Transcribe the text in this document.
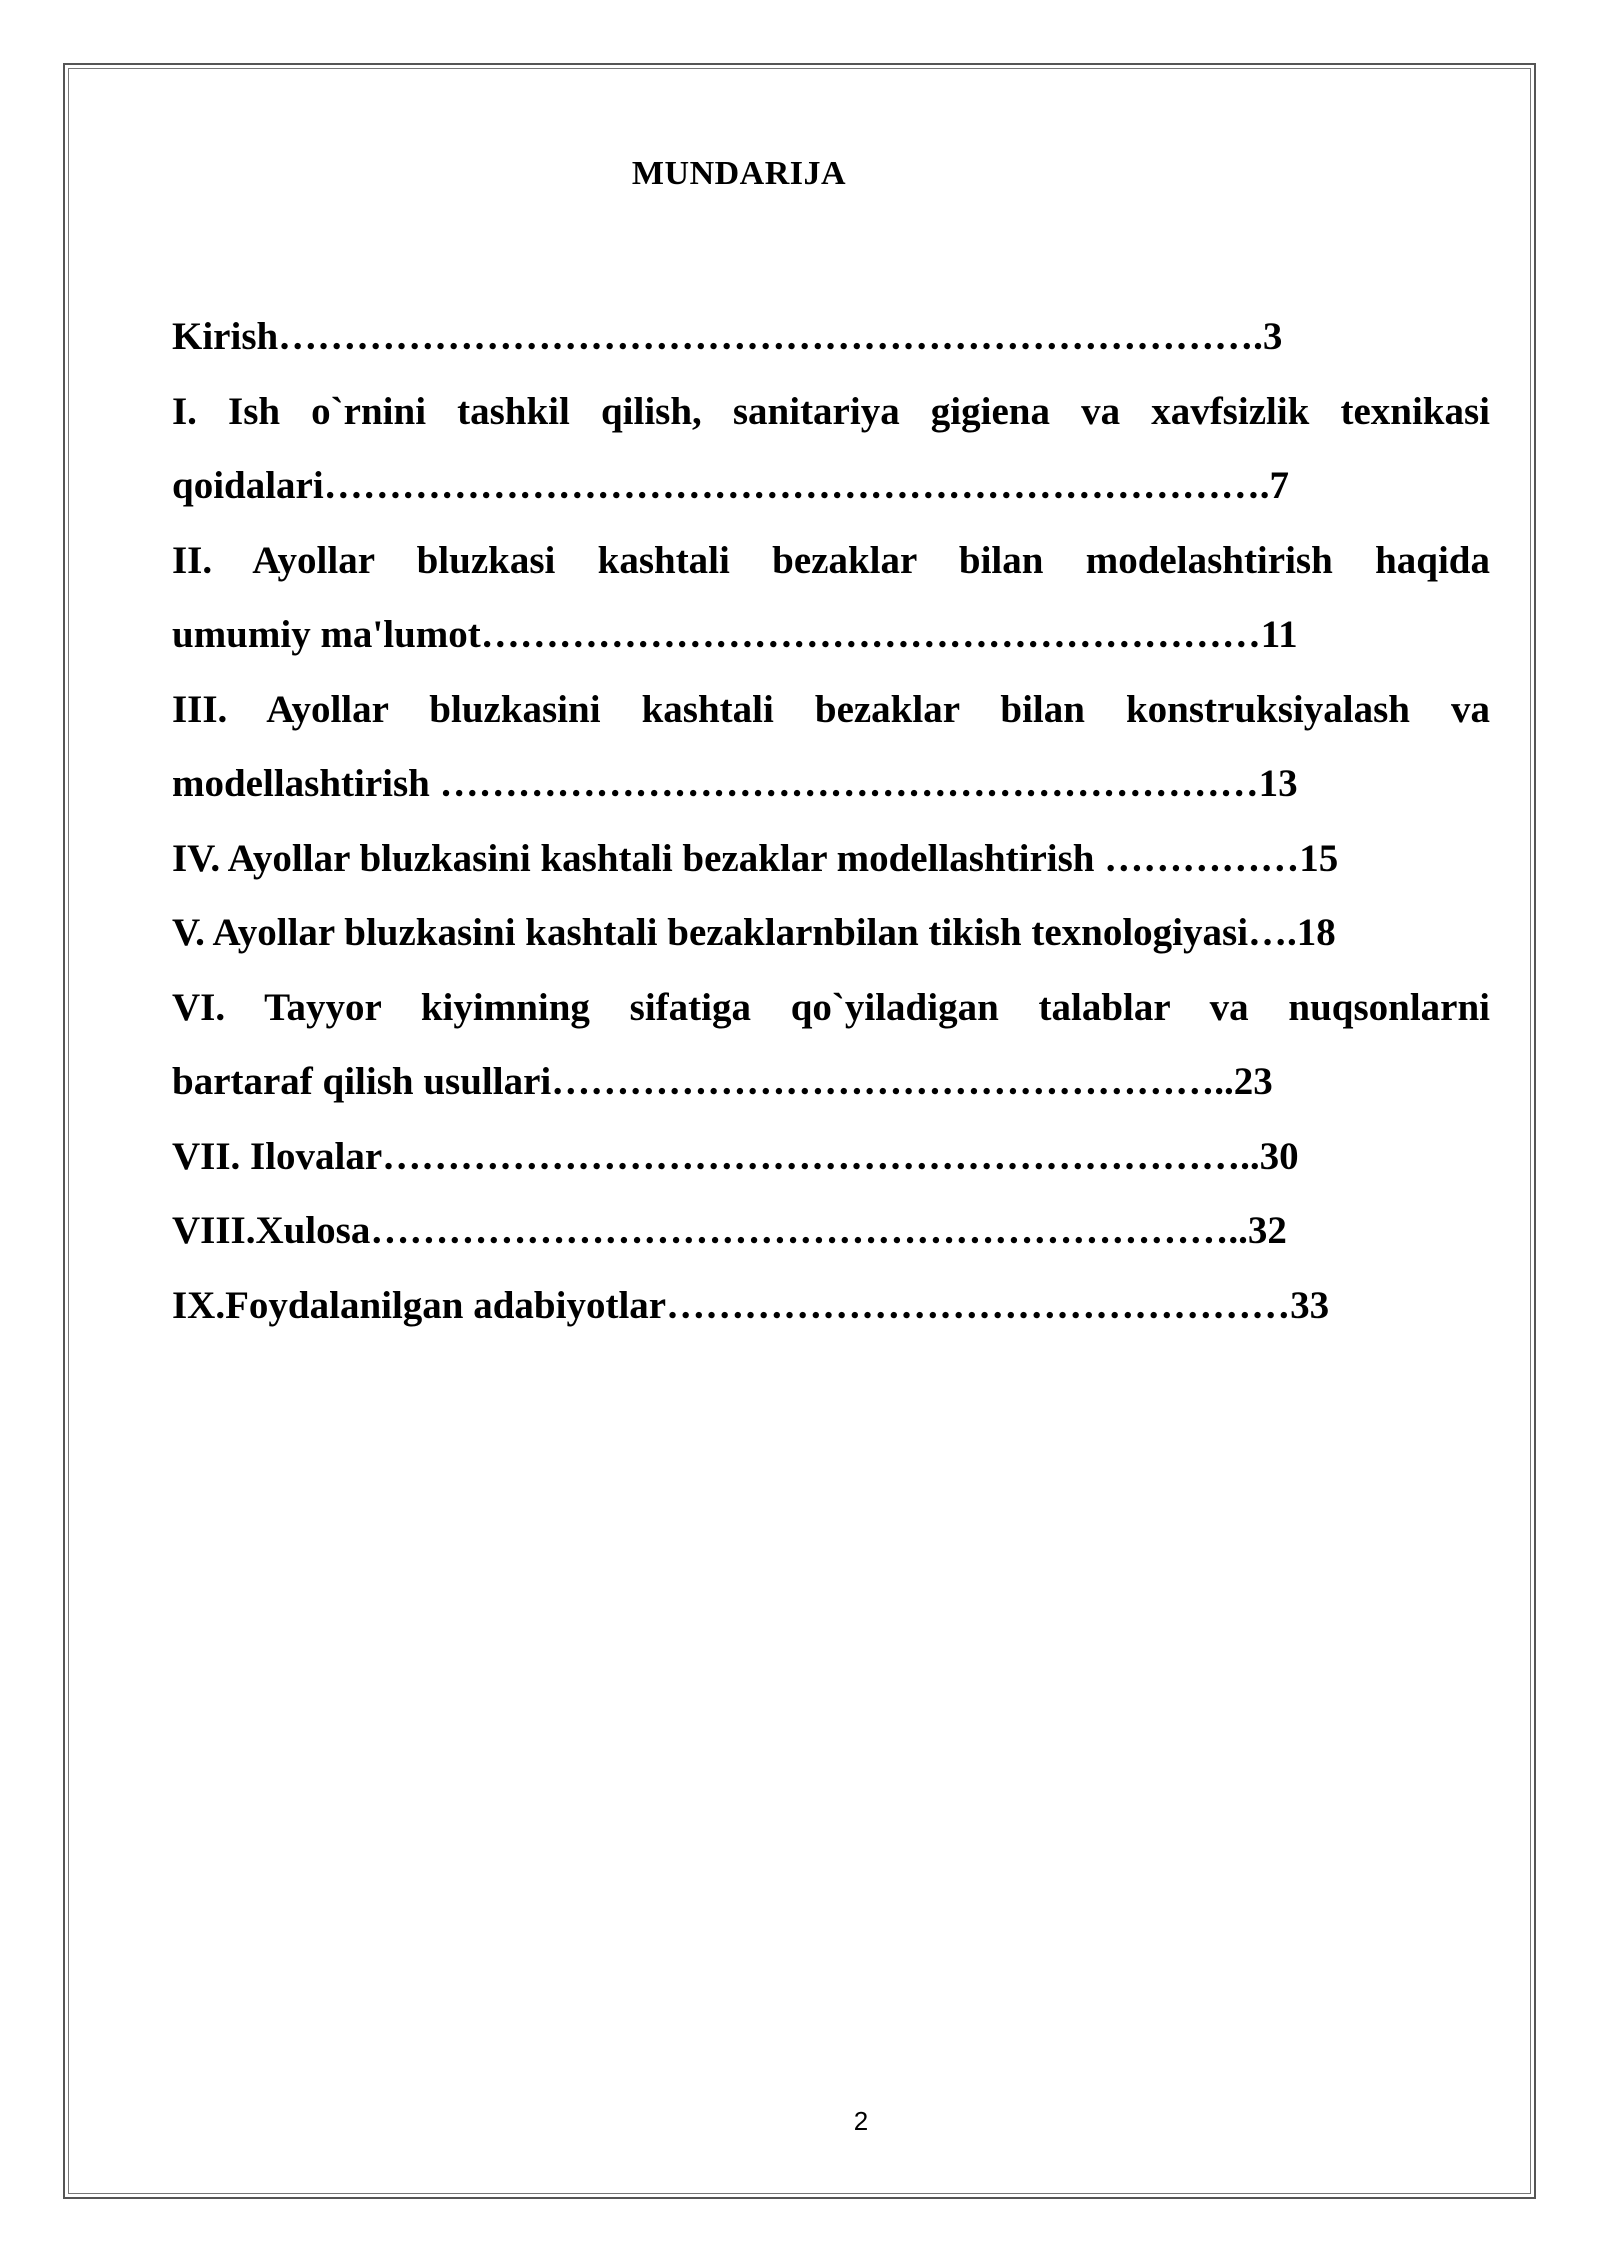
MUNDARIJA
Kirish………………………………………………………………….3
I. Ish o`rnini tashkil qilish, sanitariya gigiena va xavfsizlik texnikasi
qoidalari……………………………………………………………….7
II. Ayollar bluzkasi kashtali bezaklar bilan modelashtirish haqida
umumiy ma'lumot……………………………………………………11
III. Ayollar bluzkasini kashtali bezaklar bilan konstruksiyalash va
modellashtirish ………………………………………………………13
IV. Ayollar bluzkasini kashtali bezaklar modellashtirish ……………15
V. Ayollar bluzkasini kashtali bezaklarnbilan tikish texnologiyasi….18
VI. Tayyor kiyimning sifatiga qo`yiladigan talablar va nuqsonlarni
bartaraf qilish usullari……………………………………………..23
VII. Ilovalar…………………………………………………………..30
VIII.Xulosa…………………………………………………………..32
IX.Foydalanilgan adabiyotlar…………………………………………33
2
